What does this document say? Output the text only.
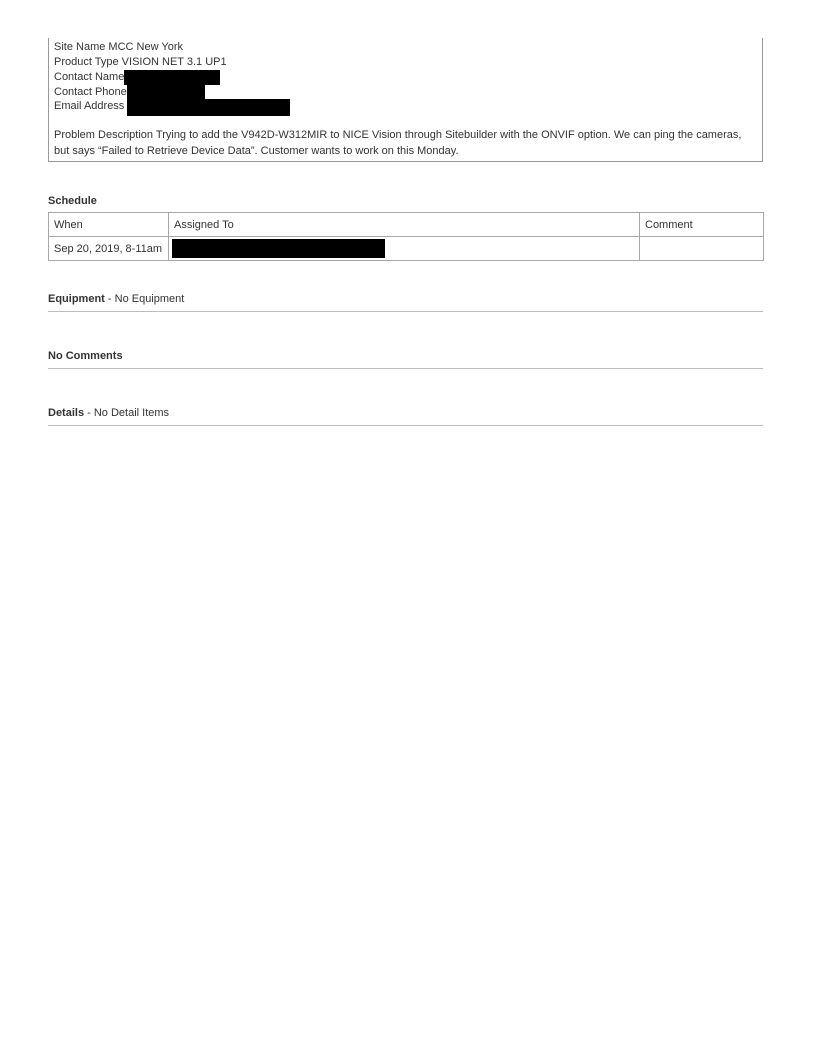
Site Name MCC New York
Product Type VISION NET 3.1 UP1
Contact Name
Contact Phone
Email Address
Problem Description Trying to add the V942D-W312MIR to NICE Vision through Sitebuilder with the ONVIF option. We can ping the cameras, but says “Failed to Retrieve Device Data”. Customer wants to work on this Monday.
Schedule
When	Assigned To	Comment
Sep 20, 2019, 8-11am		
Equipment - No Equipment
No Comments
Details - No Detail Items
